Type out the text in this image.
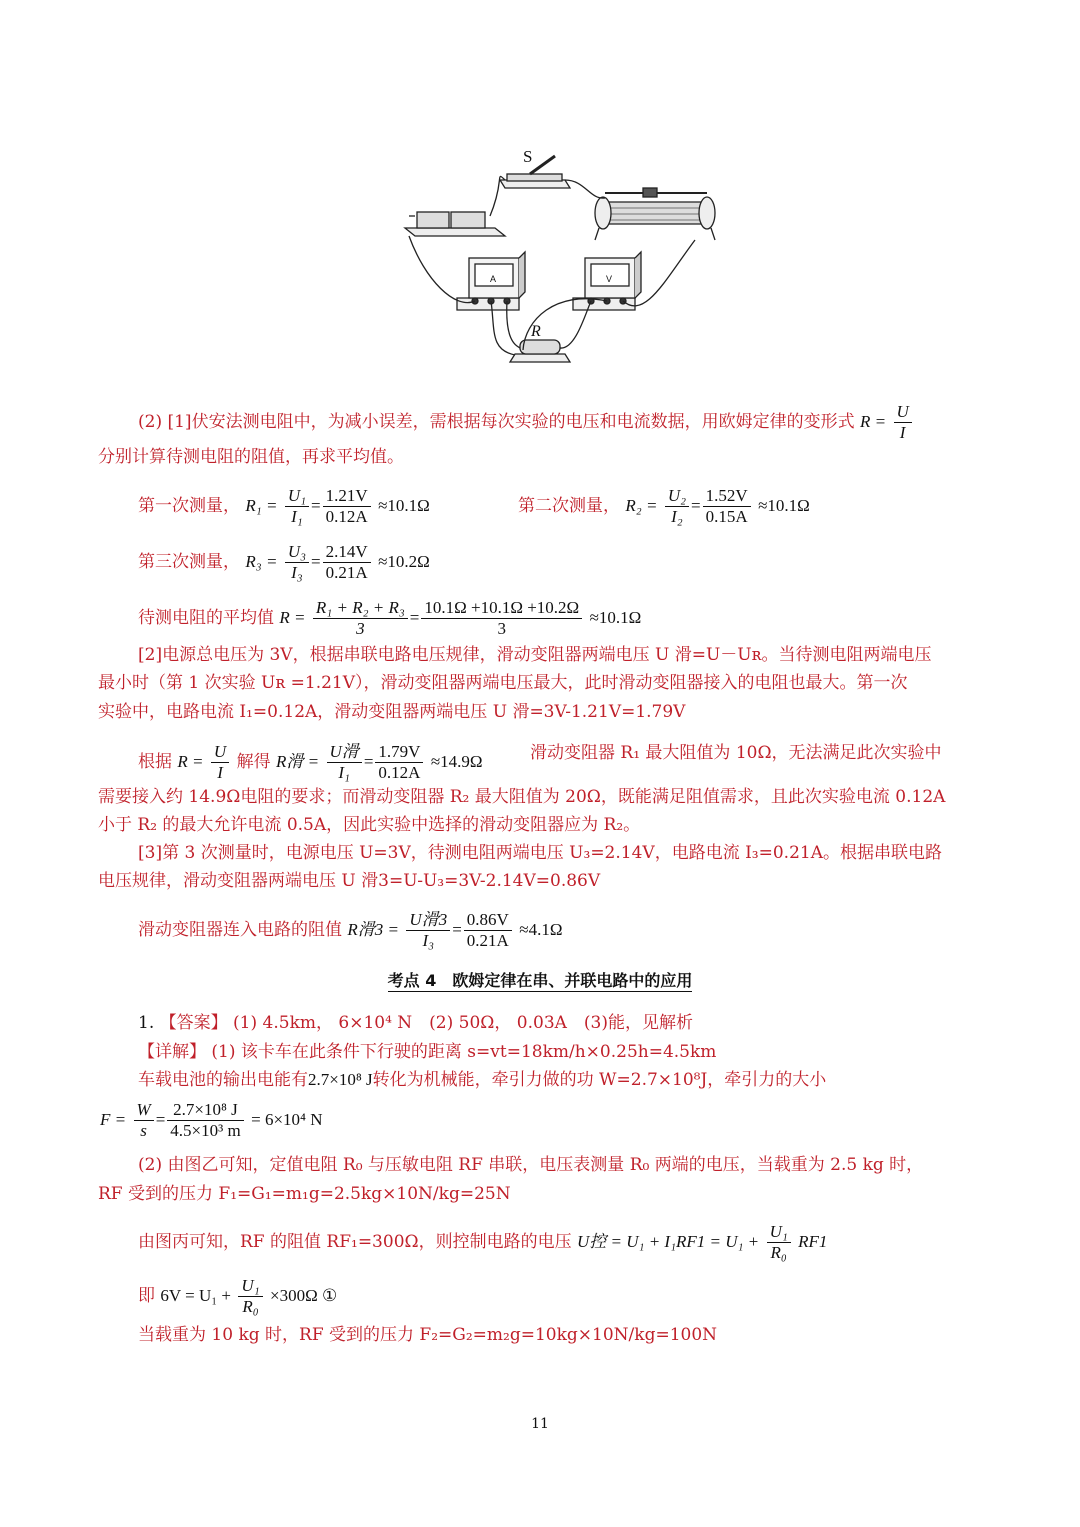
S
R
A	V
(2) [1]伏安法测电阻中，为减小误差，需根据每次实验的电压和电流数据，用欧姆定律的变形式 $R = \frac{U}{I}$
分别计算待测电阻的阻值，再求平均值。
第一次测量， $R_1 = \frac{\text{U₁}}{\text{I₁}} = \frac{1.21V}{0.12A} \approx 10.1\Omega$	第二次测量， $R_2 = \frac{\text{U₂}}{\text{I₂}} = \frac{1.52V}{0.15A} \approx 10.1\Omega$
第三次测量， $R_3 = \frac{\text{U₃}}{\text{I₃}} = \frac{2.14V}{0.21A} \approx 10.2\Omega$
待测电阻的平均值 $R = \frac{\text{R₁ + R₂ + R₃}}{3} = \frac{10.1\Omega +10.1\Omega +10.2\Omega}{3} \approx 10.1\Omega$
[2]电源总电压为 3V，根据串联电路电压规律，滑动变阻器两端电压 U 滑=U－Uʀ。当待测电阻两端电压
最小时（第 1 次实验 Uʀ =1.21V），滑动变阻器两端电压最大，此时滑动变阻器接入的电阻也最大。第一次
实验中，电路电流 I₁=0.12A，滑动变阻器两端电压 U 滑=3V-1.21V=1.79V
根据 $R = \frac{U}{I}$ 解得 R滑 = $\frac{\text{U滑}}{\text{I₁}} = \frac{1.79V}{0.12A} \approx 14.9\Omega$	滑动变阻器 R₁ 最大阻值为 10Ω，无法满足此次实验中
需要接入约 14.9Ω电阻的要求；而滑动变阻器 R₂ 最大阻值为 20Ω，既能满足阻值需求，且此次实验电流 0.12A
小于 R₂ 的最大允许电流 0.5A，因此实验中选择的滑动变阻器应为 R₂。
[3]第 3 次测量时，电源电压 U=3V，待测电阻两端电压 U₃=2.14V，电路电流 I₃=0.21A。根据串联电路
电压规律，滑动变阻器两端电压 U 滑3=U-U₃=3V-2.14V=0.86V
滑动变阻器连入电路的阻值 R滑$3 = \frac{\text{U滑3}}{\text{I₃}} = \frac{0.86V}{0.21A} \approx 4.1\Omega$
考点 4　欧姆定律在串、并联电路中的应用
1. 【答案】 (1) 4.5km， 6×10⁴ N　(2) 50Ω， 0.03A　(3)能，见解析
【详解】 (1) 该卡车在此条件下行驶的距离 s=vt=18km/h×0.25h=4.5km
车载电池的输出电能有2.7×10⁸ J转化为机械能，牵引力做的功 W=2.7×10⁸J，牵引力的大小
$F = \frac{W}{s} = \frac{\text{2.7×10⁸ J}}{\text{4.5×10³ m}} = 6\times 10^4$ N
(2) 由图乙可知，定值电阻 R₀ 与压敏电阻 RF 串联，电压表测量 R₀ 两端的电压，当载重为 2.5 kg 时，
RF 受到的压力 F₁=G₁=m₁g=2.5kg×10N/kg=25N
由图丙可知，RF 的阻值 RF₁=300Ω，则控制电路的电压 U控 = $U_1 + I_1RF1 = U_1 + \frac{\text{U₁}}{\text{R₀}} RF1$
即 $6V = U_1 + \frac{\text{U₁}}{\text{R₀}} \times 300\Omega$ ①
当载重为 10 kg 时，RF 受到的压力 F₂=G₂=m₂g=10kg×10N/kg=100N
11
